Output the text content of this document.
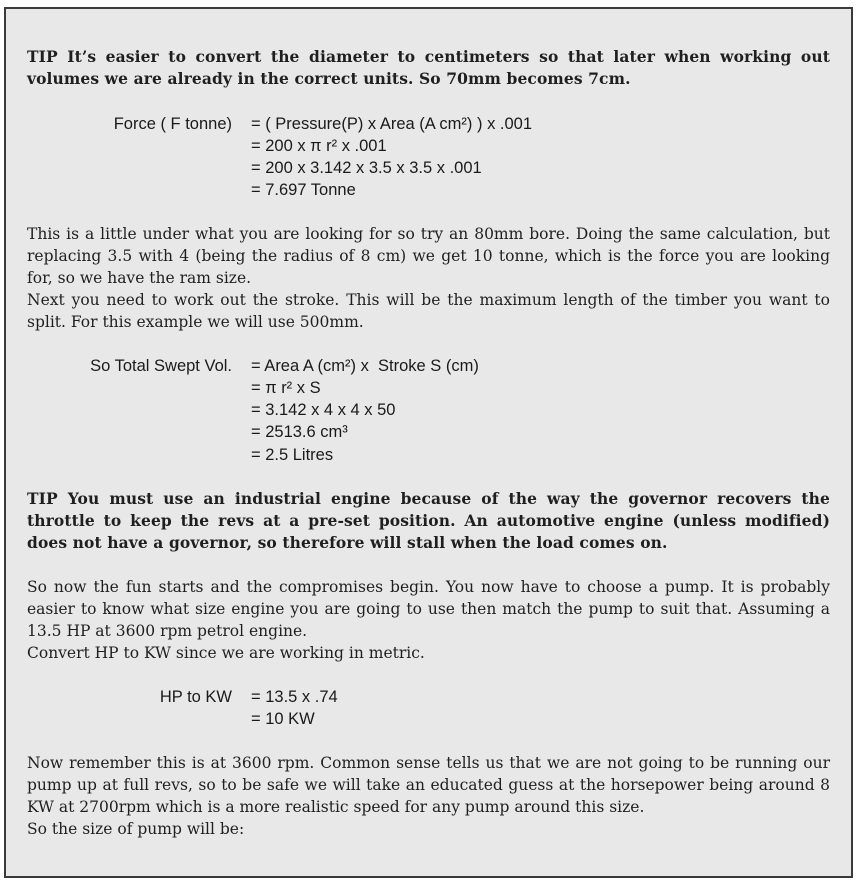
TIP It’s easier to convert the diameter to centimeters so that later when working out volumes we are already in the correct units. So 70mm becomes 7cm.

Force ( F tonne) = ( Pressure(P) x Area (A cm²) ) x .001
= 200 x π r² x .001
= 200 x 3.142 x 3.5 x 3.5 x .001
= 7.697 Tonne

This is a little under what you are looking for so try an 80mm bore. Doing the same calculation, but replacing 3.5 with 4 (being the radius of 8 cm) we get 10 tonne, which is the force you are looking for, so we have the ram size.

Next you need to work out the stroke. This will be the maximum length of the timber you want to split. For this example we will use 500mm.

So Total Swept Vol. = Area A (cm²) x  Stroke S (cm)
= π r² x S
= 3.142 x 4 x 4 x 50
= 2513.6 cm³
= 2.5 Litres

TIP You must use an industrial engine because of the way the governor recovers the throttle to keep the revs at a pre-set position. An automotive engine (unless modified) does not have a governor, so therefore will stall when the load comes on.

So now the fun starts and the compromises begin. You now have to choose a pump. It is probably easier to know what size engine you are going to use then match the pump to suit that. Assuming a 13.5 HP at 3600 rpm petrol engine.

Convert HP to KW since we are working in metric.

HP to KW = 13.5 x .74
= 10 KW

Now remember this is at 3600 rpm. Common sense tells us that we are not going to be running our pump up at full revs, so to be safe we will take an educated guess at the horsepower being around 8 KW at 2700rpm which is a more realistic speed for any pump around this size.

So the size of pump will be:
